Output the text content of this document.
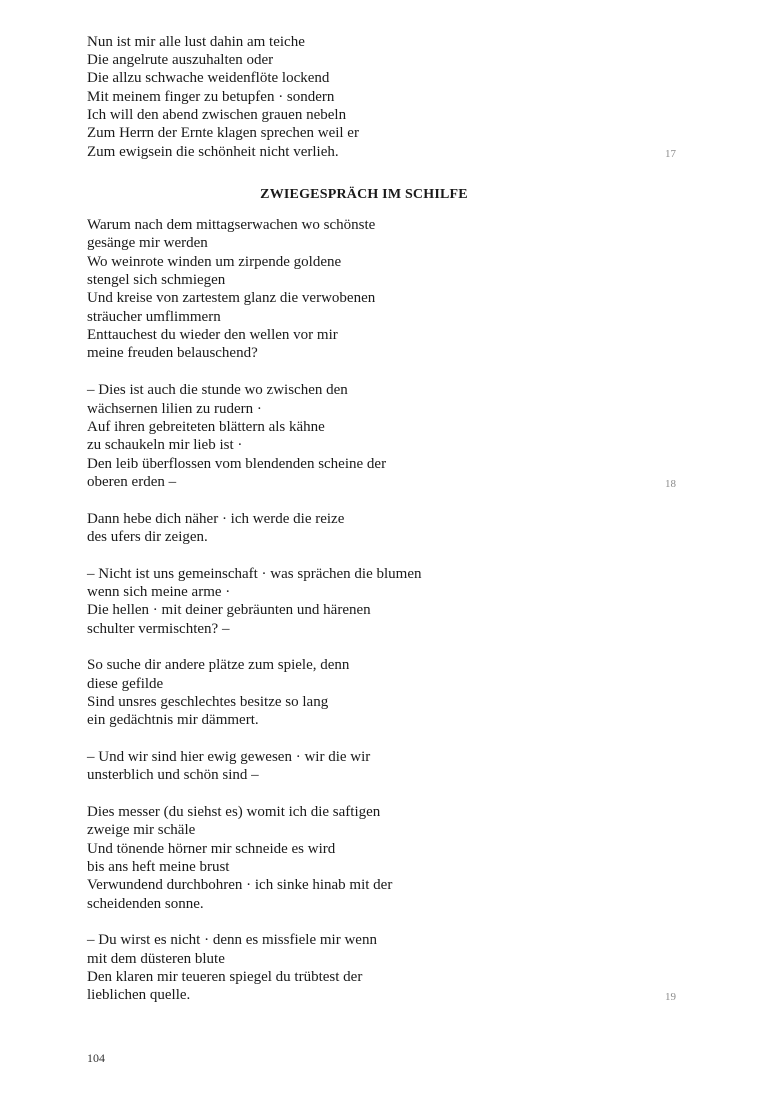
Nun ist mir alle lust dahin am teiche
Die angelrute auszuhalten oder
Die allzu schwache weidenflöte lockend
Mit meinem finger zu betupfen · sondern
Ich will den abend zwischen grauen nebeln
Zum Herrn der Ernte klagen sprechen weil er
Zum ewigsein die schönheit nicht verlieh.	17
ZWIEGESPRÄCH IM SCHILFE
Warum nach dem mittagserwachen wo schönste
gesänge mir werden
Wo weinrote winden um zirpende goldene
stengel sich schmiegen
Und kreise von zartestem glanz die verwobenen
sträucher umflimmern
Enttauchest du wieder den wellen vor mir
meine freuden belauschend?
– Dies ist auch die stunde wo zwischen den
wächsernen lilien zu rudern ·
Auf ihren gebreiteten blättern als kähne
zu schaukeln mir lieb ist ·
Den leib überflossen vom blendenden scheine der
oberen erden –	18
Dann hebe dich näher · ich werde die reize
des ufers dir zeigen.
– Nicht ist uns gemeinschaft · was sprächen die blumen
wenn sich meine arme ·
Die hellen · mit deiner gebräunten und härenen
schulter vermischten? –
So suche dir andere plätze zum spiele, denn
diese gefilde
Sind unsres geschlechtes besitze so lang
ein gedächtnis mir dämmert.
– Und wir sind hier ewig gewesen · wir die wir
unsterblich und schön sind –
Dies messer (du siehst es) womit ich die saftigen
zweige mir schäle
Und tönende hörner mir schneide es wird
bis ans heft meine brust
Verwundend durchbohren · ich sinke hinab mit der
scheidenden sonne.
– Du wirst es nicht · denn es missfiele mir wenn
mit dem düsteren blute
Den klaren mir teueren spiegel du trübtest der
lieblichen quelle.	19
104
